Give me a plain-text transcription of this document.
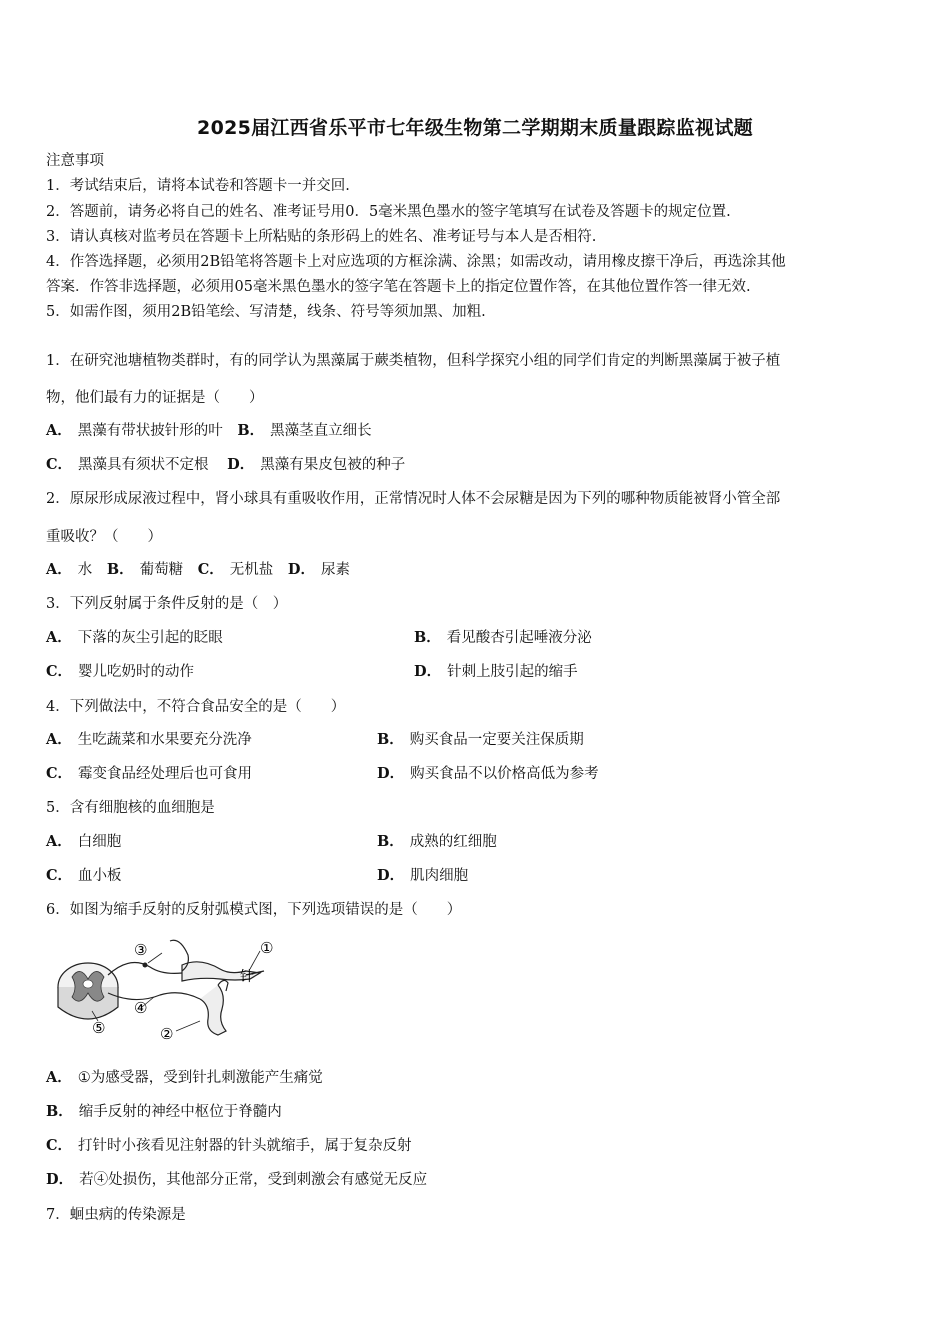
2025届江西省乐平市七年级生物第二学期期末质量跟踪监视试题
注意事项
1．考试结束后，请将本试卷和答题卡一并交回.
2．答题前，请务必将自己的姓名、准考证号用0．5毫米黑色墨水的签字笔填写在试卷及答题卡的规定位置.
3．请认真核对监考员在答题卡上所粘贴的条形码上的姓名、准考证号与本人是否相符.
4．作答选择题，必须用2B铅笔将答题卡上对应选项的方框涂满、涂黑；如需改动，请用橡皮擦干净后，再选涂其他
答案．作答非选择题，必须用05毫米黑色墨水的签字笔在答题卡上的指定位置作答，在其他位置作答一律无效.
5．如需作图，须用2B铅笔绘、写清楚，线条、符号等须加黑、加粗.
1．在研究池塘植物类群时，有的同学认为黑藻属于蕨类植物，但科学探究小组的同学们肯定的判断黑藻属于被子植
物，他们最有力的证据是（　　）
A． 黑藻有带状披针形的叶 B． 黑藻茎直立细长
C． 黑藻具有须状不定根 D． 黑藻有果皮包被的种子
2．原尿形成尿液过程中，肾小球具有重吸收作用，正常情况时人体不会尿糖是因为下列的哪种物质能被肾小管全部
重吸收？（　　）
A． 水 B． 葡萄糖 C． 无机盐 D． 尿素
3．下列反射属于条件反射的是（　）
A． 下落的灰尘引起的眨眼	B． 看见酸杏引起唾液分泌
C． 婴儿吃奶时的动作	D． 针刺上肢引起的缩手
4．下列做法中，不符合食品安全的是（　　）
A． 生吃蔬菜和水果要充分洗净	B． 购买食品一定要关注保质期
C． 霉变食品经处理后也可食用	D． 购买食品不以价格高低为参考
5．含有细胞核的血细胞是
A． 白细胞	B． 成熟的红细胞
C． 血小板	D． 肌肉细胞
6．如图为缩手反射的反射弧模式图，下列选项错误的是（　　）
③	①
针
④
⑤	②
A． ①为感受器，受到针扎刺激能产生痛觉
B． 缩手反射的神经中枢位于脊髓内
C． 打针时小孩看见注射器的针头就缩手，属于复杂反射
D． 若④处损伤，其他部分正常，受到刺激会有感觉无反应
7．蛔虫病的传染源是
